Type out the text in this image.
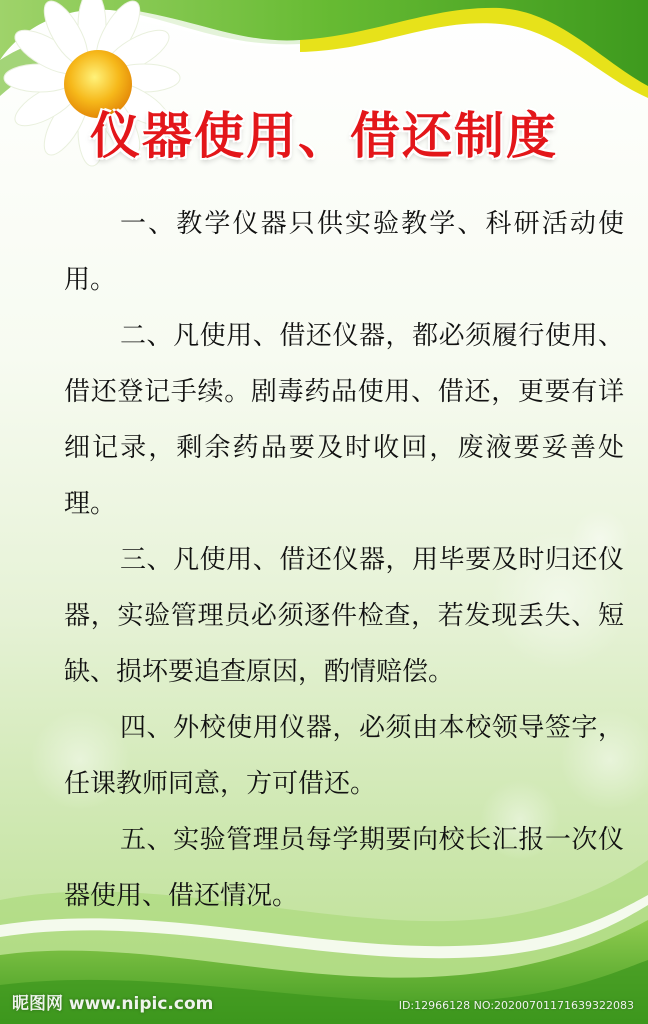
仪器使用、借还制度

一、教学仪器只供实验教学、科研活动使用。

二、凡使用、借还仪器，都必须履行使用、借还登记手续。剧毒药品使用、借还，更要有详细记录，剩余药品要及时收回，废液要妥善处理。

三、凡使用、借还仪器，用毕要及时归还仪器，实验管理员必须逐件检查，若发现丢失、短缺、损坏要追查原因，酌情赔偿。

四、外校使用仪器，必须由本校领导签字，任课教师同意，方可借还。

五、实验管理员每学期要向校长汇报一次仪器使用、借还情况。

昵图网 www.nipic.com	ID:12966128 NO:20200701171639322083
